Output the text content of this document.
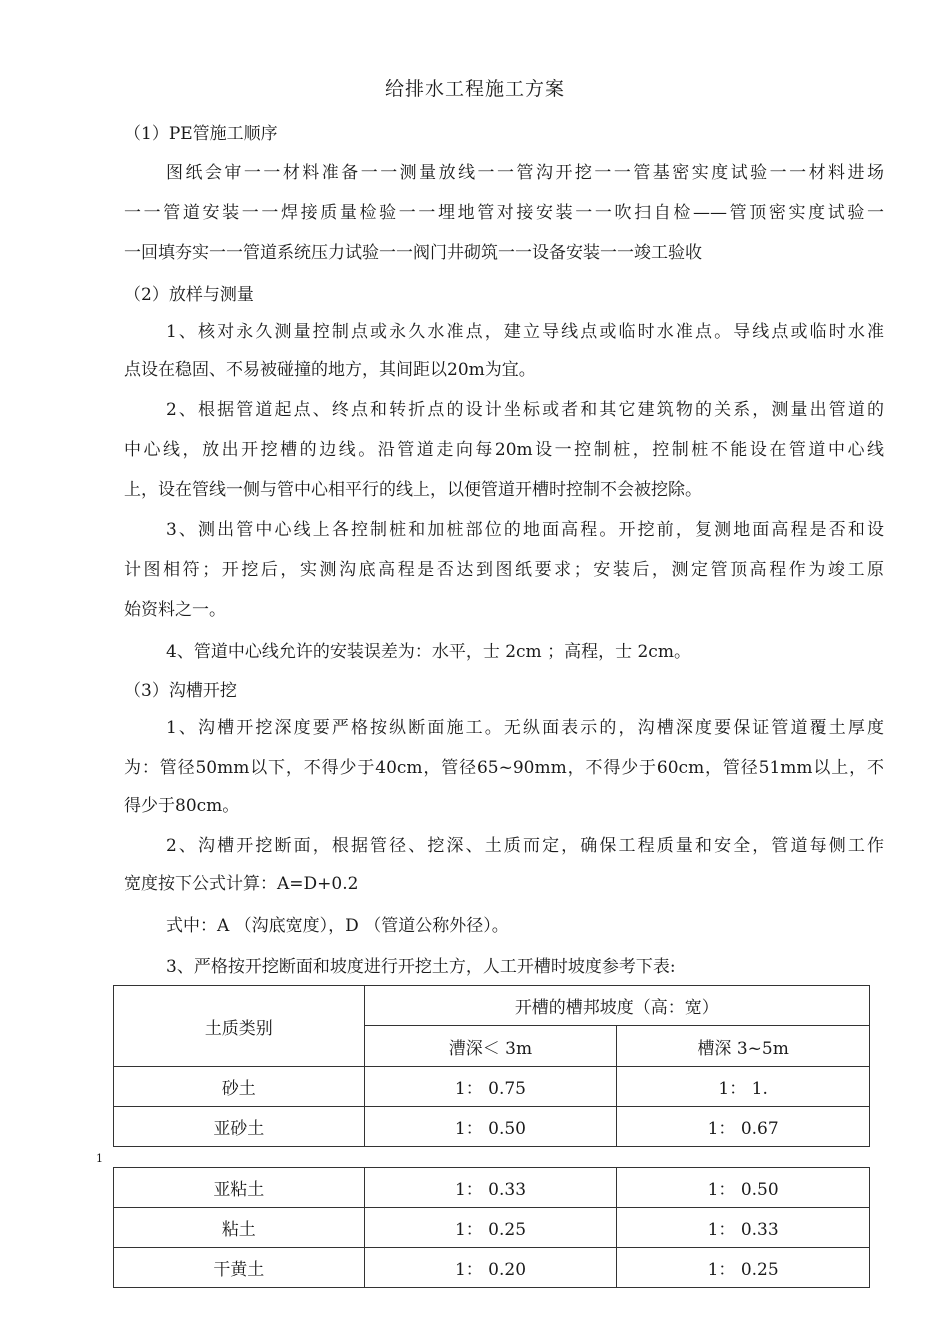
给排水工程施工方案
（1）PE管施工顺序
图纸会审一一材料准备一一测量放线一一管沟开挖一一管基密实度试验一一材料进场
一一管道安装一一焊接质量检验一一埋地管对接安装一一吹扫自检——管顶密实度试验一
一回填夯实一一管道系统压力试验一一阀门井砌筑一一设备安装一一竣工验收
（2）放样与测量
1、核对永久测量控制点或永久水准点，建立导线点或临时水准点。导线点或临时水准
点设在稳固、不易被碰撞的地方，其间距以20m为宜。
2、根据管道起点、终点和转折点的设计坐标或者和其它建筑物的关系，测量出管道的
中心线，放出开挖槽的边线。沿管道走向每20m设一控制桩，控制桩不能设在管道中心线
上，设在管线一侧与管中心相平行的线上，以便管道开槽时控制不会被挖除。
3、测出管中心线上各控制桩和加桩部位的地面高程。开挖前，复测地面高程是否和设
计图相符；开挖后，实测沟底高程是否达到图纸要求；安装后，测定管顶高程作为竣工原
始资料之一。
4、管道中心线允许的安装误差为：水平，士 2cm ；高程，士 2cm。
（3）沟槽开挖
1、沟槽开挖深度要严格按纵断面施工。无纵面表示的，沟槽深度要保证管道覆土厚度
为：管径50mm以下，不得少于40cm，管径65~90mm，不得少于60cm，管径51mm以上，不
得少于80cm。
2、沟槽开挖断面，根据管径、挖深、土质而定，确保工程质量和安全，管道每侧工作
宽度按下公式计算：A=D+0.2
式中：A （沟底宽度），D （管道公称外径）。
3、严格按开挖断面和坡度进行开挖土方，人工开槽时坡度参考下表:
土质类别	开槽的槽邦坡度（高：宽）	
	漕深＜ 3m	槽深 3~5m
砂土	1： 0.75	1： 1.
亚砂土	1： 0.50	1： 0.67
1
亚粘土	1： 0.33	1： 0.50
粘土	1： 0.25	1： 0.33
干黄土	1： 0.20	1： 0.25
